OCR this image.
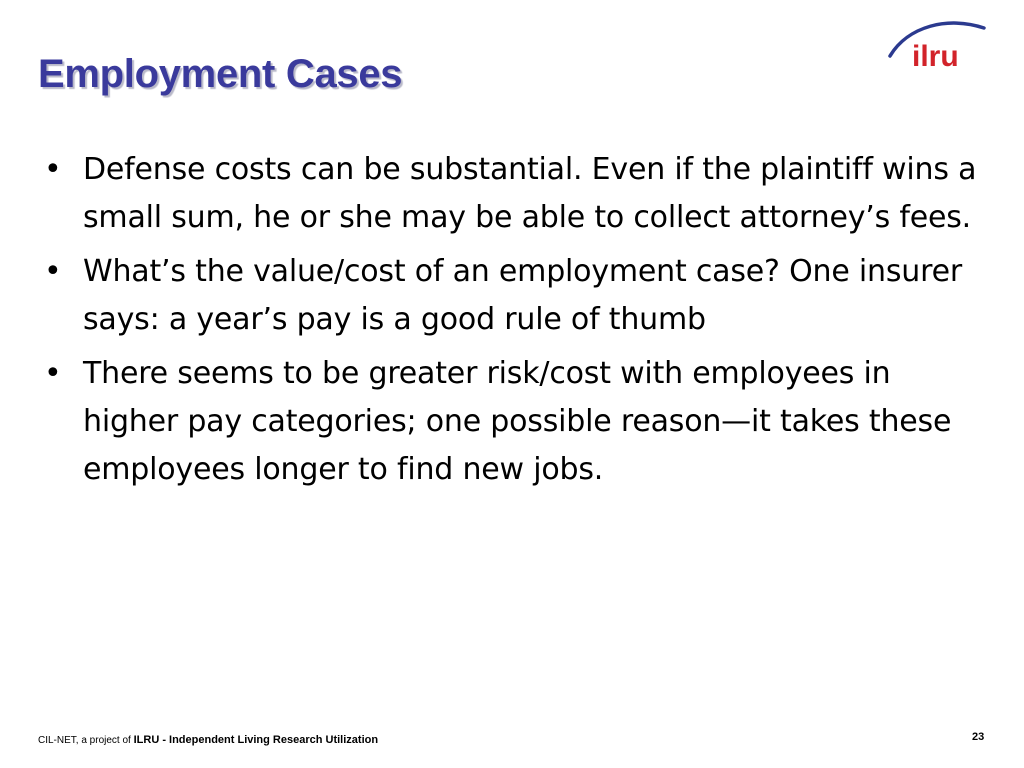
Employment Cases	ilru
• Defense costs can be substantial. Even if the plaintiff wins a small sum, he or she may be able to collect attorney’s fees.
• What’s the value/cost of an employment case? One insurer says: a year’s pay is a good rule of thumb
• There seems to be greater risk/cost with employees in higher pay categories; one possible reason—it takes these employees longer to find new jobs.
CIL-NET, a project of ILRU - Independent Living Research Utilization	23
